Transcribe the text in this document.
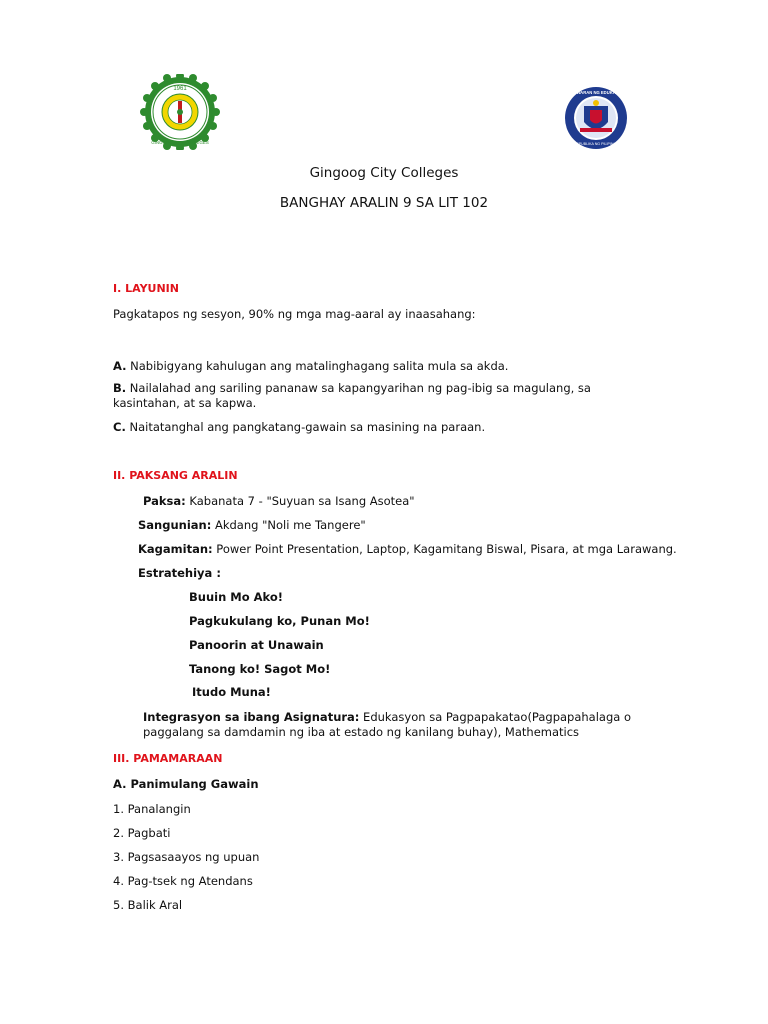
1961
GINGOOG CITY COLLEGES
KAGAWARAN NG EDUKASYON
REPUBLIKA NG PILIPINAS
Gingoog City Colleges
BANGHAY ARALIN 9 SA LIT 102
I. LAYUNIN
Pagkatapos ng sesyon, 90% ng mga mag-aaral ay inaasahang:
A. Nabibigyang kahulugan ang matalinghagang salita mula sa akda.
B. Nailalahad ang sariling pananaw sa kapangyarihan ng pag-ibig sa magulang, sa kasintahan, at sa kapwa.
C. Naitatanghal ang pangkatang-gawain sa masining na paraan.
II. PAKSANG ARALIN
Paksa: Kabanata 7 - "Suyuan sa Isang Asotea"
Sangunian: Akdang "Noli me Tangere"
Kagamitan: Power Point Presentation, Laptop, Kagamitang Biswal, Pisara, at mga Larawang.
Estratehiya :
Buuin Mo Ako!
Pagkukulang ko, Punan Mo!
Panoorin at Unawain
Tanong ko! Sagot Mo!
Itudo Muna!
Integrasyon sa ibang Asignatura: Edukasyon sa Pagpapakatao(Pagpapahalaga o paggalang sa damdamin ng iba at estado ng kanilang buhay), Mathematics
III. PAMAMARAAN
A. Panimulang Gawain
1. Panalangin
2. Pagbati
3. Pagsasaayos ng upuan
4. Pag-tsek ng Atendans
5. Balik Aral
